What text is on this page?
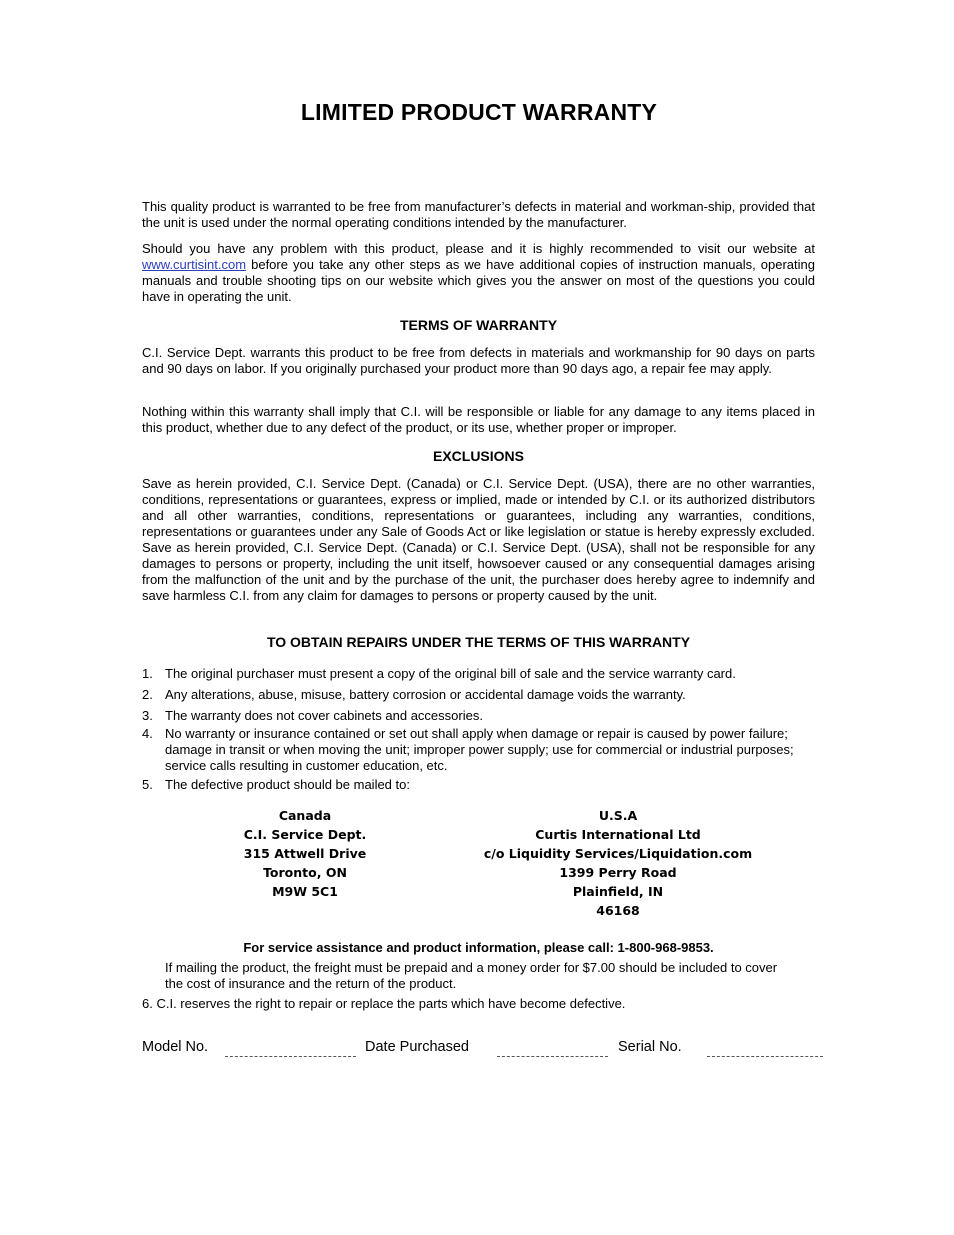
LIMITED PRODUCT WARRANTY

This quality product is warranted to be free from manufacturer’s defects in material and workman-ship, provided that the unit is used under the normal operating conditions intended by the manufacturer.

Should you have any problem with this product, please and it is highly recommended to visit our website at www.curtisint.com before you take any other steps as we have additional copies of instruction manuals, operating manuals and trouble shooting tips on our website which gives you the answer on most of the questions you could have in operating the unit.

TERMS OF WARRANTY

C.I. Service Dept. warrants this product to be free from defects in materials and workmanship for 90 days on parts and 90 days on labor. If you originally purchased your product more than 90 days ago, a repair fee may apply.

Nothing within this warranty shall imply that C.I. will be responsible or liable for any damage to any items placed in this product, whether due to any defect of the product, or its use, whether proper or improper.

EXCLUSIONS

Save as herein provided, C.I. Service Dept. (Canada) or C.I. Service Dept. (USA), there are no other warranties, conditions, representations or guarantees, express or implied, made or intended by C.I. or its authorized distributors and all other warranties, conditions, representations or guarantees, including any warranties, conditions, representations or guarantees under any Sale of Goods Act or like legislation or statue is hereby expressly excluded. Save as herein provided, C.I. Service Dept. (Canada) or C.I. Service Dept. (USA), shall not be responsible for any damages to persons or property, including the unit itself, howsoever caused or any consequential damages arising from the malfunction of the unit and by the purchase of the unit, the purchaser does hereby agree to indemnify and save harmless C.I. from any claim for damages to persons or property caused by the unit.

TO OBTAIN REPAIRS UNDER THE TERMS OF THIS WARRANTY
1. The original purchaser must present a copy of the original bill of sale and the service warranty card.
2. Any alterations, abuse, misuse, battery corrosion or accidental damage voids the warranty.
3. The warranty does not cover cabinets and accessories.
4. No warranty or insurance contained or set out shall apply when damage or repair is caused by power failure; damage in transit or when moving the unit; improper power supply; use for commercial or industrial purposes; service calls resulting in customer education, etc.
5. The defective product should be mailed to:
Canada
C.I. Service Dept.
315 Attwell Drive
Toronto, ON
M9W 5C1
U.S.A
Curtis International Ltd
c/o Liquidity Services/Liquidation.com
1399 Perry Road
Plainfield, IN
46168
For service assistance and product information, please call: 1-800-968-9853.
If mailing the product, the freight must be prepaid and a money order for $7.00 should be included to cover the cost of insurance and the return of the product.
6. C.I. reserves the right to repair or replace the parts which have become defective.
Model No.	Date Purchased	Serial No.
